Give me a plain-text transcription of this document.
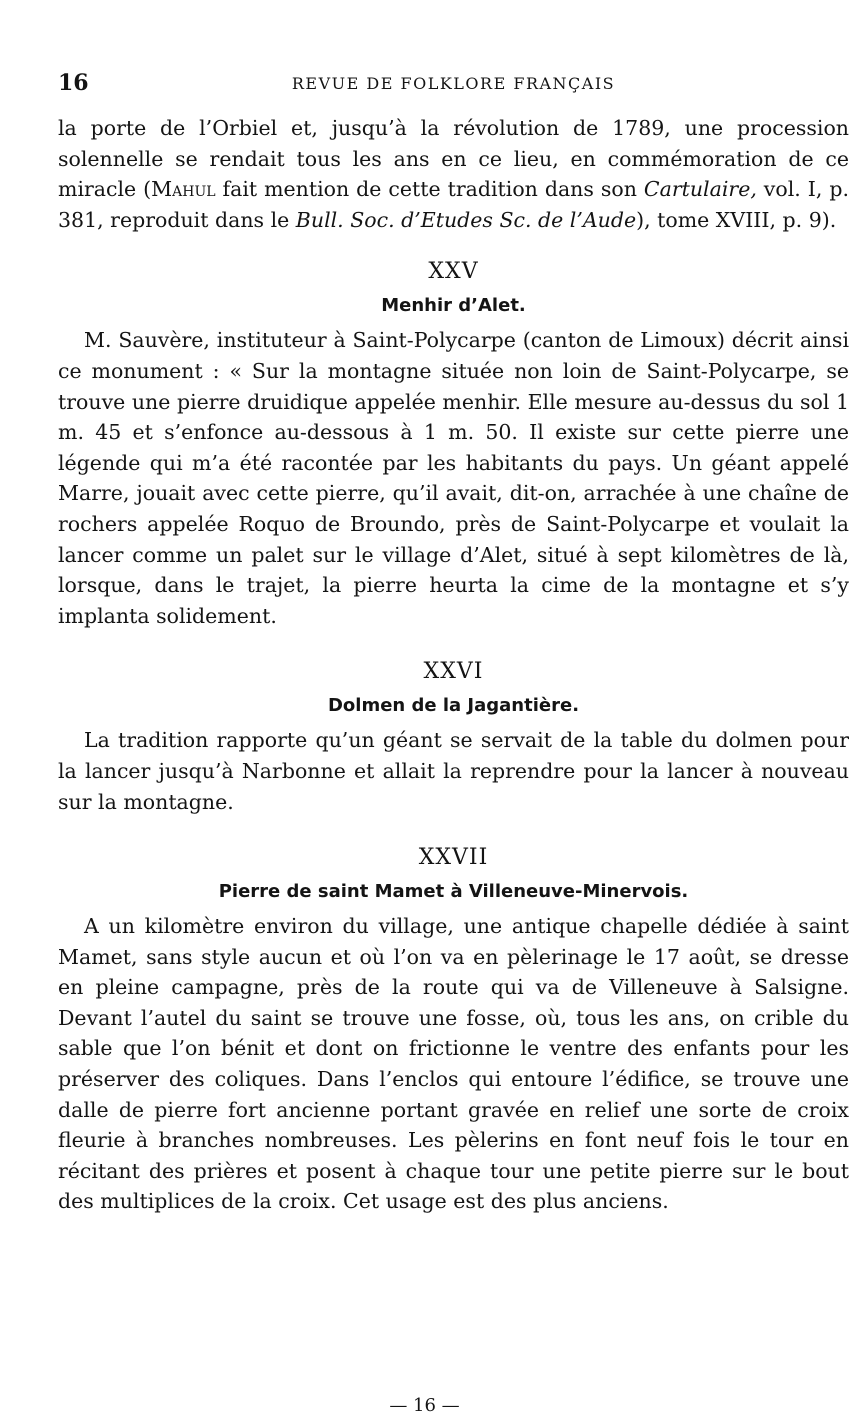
16	REVUE DE FOLKLORE FRANÇAIS

la porte de l’Orbiel et, jusqu’à la révolution de 1789, une procession solennelle se rendait tous les ans en ce lieu, en commémoration de ce miracle (Mahul fait mention de cette tradition dans son Cartulaire, vol. I, p. 381, reproduit dans le Bull. Soc. d’Etudes Sc. de l’Aude), tome XVIII, p. 9).

XXV
Menhir d’Alet.

M. Sauvère, instituteur à Saint-Polycarpe (canton de Limoux) décrit ainsi ce monument : « Sur la montagne située non loin de Saint-Polycarpe, se trouve une pierre druidique appelée menhir. Elle mesure au-dessus du sol 1 m. 45 et s’enfonce au-dessous à 1 m. 50. Il existe sur cette pierre une légende qui m’a été racontée par les habitants du pays. Un géant appelé Marre, jouait avec cette pierre, qu’il avait, dit-on, arrachée à une chaîne de rochers appelée Roquo de Broundo, près de Saint-Polycarpe et voulait la lancer comme un palet sur le village d’Alet, situé à sept kilomètres de là, lorsque, dans le trajet, la pierre heurta la cime de la montagne et s’y implanta solidement.

XXVI
Dolmen de la Jagantière.

La tradition rapporte qu’un géant se servait de la table du dolmen pour la lancer jusqu’à Narbonne et allait la reprendre pour la lancer à nouveau sur la montagne.

XXVII
Pierre de saint Mamet à Villeneuve-Minervois.

A un kilomètre environ du village, une antique chapelle dédiée à saint Mamet, sans style aucun et où l’on va en pèlerinage le 17 août, se dresse en pleine campagne, près de la route qui va de Villeneuve à Salsigne. Devant l’autel du saint se trouve une fosse, où, tous les ans, on crible du sable que l’on bénit et dont on frictionne le ventre des enfants pour les préserver des coliques. Dans l’enclos qui entoure l’édifice, se trouve une dalle de pierre fort ancienne portant gravée en relief une sorte de croix fleurie à branches nombreuses. Les pèlerins en font neuf fois le tour en récitant des prières et posent à chaque tour une petite pierre sur le bout des multiplices de la croix. Cet usage est des plus anciens.

— 16 —
